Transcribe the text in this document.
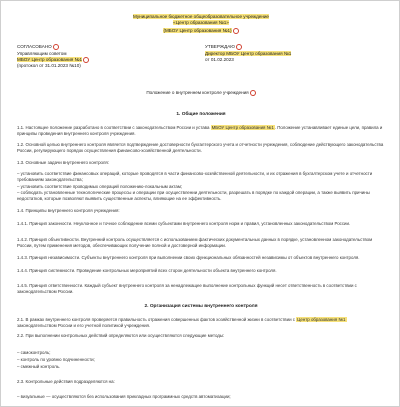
Муниципальное бюджетное общеобразовательное учреждение
«Центр образования №1»
(МБОУ Центр образования №1)
СОГЛАСОВАНО
Управляющим советом
МБОУ Центр образования №1
(протокол от 31.01.2023 №10)
УТВЕРЖДАЮ
Директор МБОУ Центр образования №1
от 01.02.2023
Положение о внутреннем контроле учреждения
1. Общие положения
1.1. Настоящее положение разработано в соответствии с законодательством России и устава МБОУ Центр образования №1. Положение устанавливает единые цели, правила и принципы проведения внутреннего контроля учреждения.
1.2. Основной целью внутреннего контроля является подтверждение достоверности бухгалтерского учета и отчетности учреждения, соблюдение действующего законодательства России, регулирующего порядок осуществления финансово-хозяйственной деятельности.
1.3. Основные задачи внутреннего контроля:
– установить соответствие финансовых операций, которые проводятся в части финансово-хозяйственной деятельности, и их отражения в бухгалтерском учете и отчетности требованиям законодательства;
– установить соответствие проводимых операций положению-локальным актам;
– соблюдать установленные технологические процессы и операции при осуществлении деятельности, разрешать в порядке по каждой операции, а также выявить причины недостатков, которые позволяют выявить существенные аспекты, влияющие на ее эффективность.
1.4. Принципы внутреннего контроля учреждения:
1.4.1. Принцип законности. Неуклонное и точное соблюдение всеми субъектами внутреннего контроля норм и правил, установленных законодательством России.
1.4.2. Принцип объективности. Внутренний контроль осуществляется с использованием фактических документальных данных в порядке, установленном законодательством России, путем применения методов, обеспечивающих получение полной и достоверной информации.
1.4.3. Принцип независимости. Субъекты внутреннего контроля при выполнении своих функциональных обязанностей независимы от объектов внутреннего контроля.
1.4.4. Принцип системности. Проведение контрольных мероприятий всех сторон деятельности объекта внутреннего контроля.
1.4.5. Принцип ответственности. Каждый субъект внутреннего контроля за ненадлежащее выполнение контрольных функций несет ответственность в соответствии с законодательством России.
2. Организация системы внутреннего контроля
2.1. В рамках внутреннего контроля проверяется правильность отражения совершенных фактов хозяйственной жизни в соответствии с Центр образования №1 законодательством России и его учетной политикой учреждения.
2.2. При выполнении контрольных действий определяются или осуществляются следующие методы:
– самоконтроль;
– контроль по уровню подчиненности;
– смежный контроль.
2.3. Контрольные действия подразделяются на:
– визуальные — осуществляются без использования прикладных программных средств автоматизации;
